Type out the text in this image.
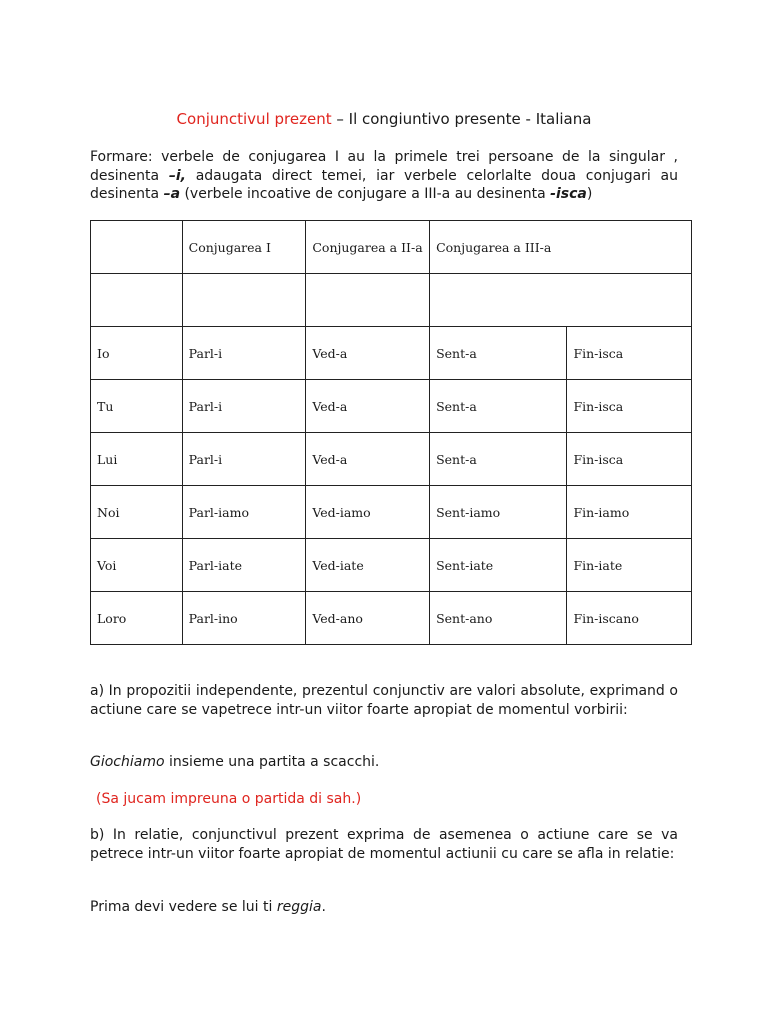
Conjunctivul prezent – Il congiuntivo presente - Italiana
Formare: verbele de conjugarea I au la primele trei persoane de la singular , desinenta –i, adaugata direct temei, iar verbele celorlalte doua conjugari au desinenta –a (verbele incoative de conjugare a III-a au desinenta -isca)
	Conjugarea I	Conjugarea a II-a	Conjugarea a III-a	

Io	Parl-i	Ved-a	Sent-a	Fin-isca
Tu	Parl-i	Ved-a	Sent-a	Fin-isca
Lui	Parl-i	Ved-a	Sent-a	Fin-isca
Noi	Parl-iamo	Ved-iamo	Sent-iamo	Fin-iamo
Voi	Parl-iate	Ved-iate	Sent-iate	Fin-iate
Loro	Parl-ino	Ved-ano	Sent-ano	Fin-iscano
a) In propozitii independente, prezentul conjunctiv are valori absolute, exprimand o actiune care se vapetrece intr-un viitor foarte apropiat de momentul vorbirii:
Giochiamo insieme una partita a scacchi.
(Sa jucam impreuna o partida di sah.)
b) In relatie, conjunctivul prezent exprima de asemenea o actiune care se va petrece intr-un viitor foarte apropiat de momentul actiunii cu care se afla in relatie:
Prima devi vedere se lui ti reggia.
